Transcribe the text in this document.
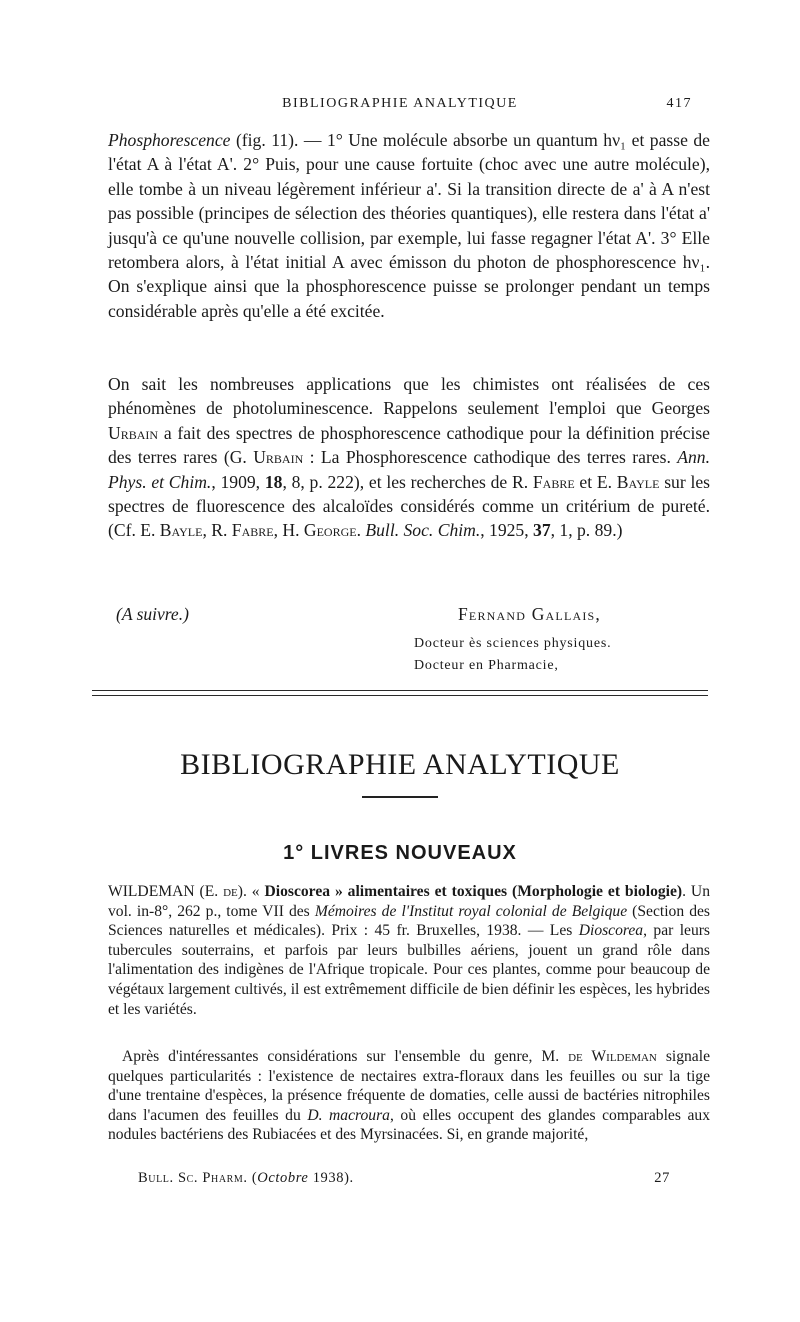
BIBLIOGRAPHIE ANALYTIQUE	417

Phosphorescence (fig. 11). — 1° Une molécule absorbe un quantum hν₁ et passe de l'état A à l'état A'. 2° Puis, pour une cause fortuite (choc avec une autre molécule), elle tombe à un niveau légèrement inférieur a'. Si la transition directe de a' à A n'est pas possible (principes de sélection des théories quantiques), elle restera dans l'état a' jusqu'à ce qu'une nouvelle collision, par exemple, lui fasse regagner l'état A'. 3° Elle retombera alors, à l'état initial A avec émisson du photon de phosphorescence hν₁. On s'explique ainsi que la phosphorescence puisse se prolonger pendant un temps considérable après qu'elle a été excitée.

On sait les nombreuses applications que les chimistes ont réalisées de ces phénomènes de photoluminescence. Rappelons seulement l'emploi que Georges Urbain a fait des spectres de phosphorescence cathodique pour la définition précise des terres rares (G. Urbain : La Phosphorescence cathodique des terres rares. Ann. Phys. et Chim., 1909, 18, 8, p. 222), et les recherches de R. Fabre et E. Bayle sur les spectres de fluorescence des alcaloïdes considérés comme un critérium de pureté. (Cf. E. Bayle, R. Fabre, H. George. Bull. Soc. Chim., 1925, 37, 1, p. 89.)

(A suivre.)	Fernand Gallais,
Docteur ès sciences physiques.
Docteur en Pharmacie,
BIBLIOGRAPHIE ANALYTIQUE
1° LIVRES NOUVEAUX

WILDEMAN (E. de). « Dioscorea » alimentaires et toxiques (Morphologie et biologie). Un vol. in-8°, 262 p., tome VII des Mémoires de l'Institut royal colonial de Belgique (Section des Sciences naturelles et médicales). Prix : 45 fr. Bruxelles, 1938. — Les Dioscorea, par leurs tubercules souterrains, et parfois par leurs bulbilles aériens, jouent un grand rôle dans l'alimentation des indigènes de l'Afrique tropicale. Pour ces plantes, comme pour beaucoup de végétaux largement cultivés, il est extrêmement difficile de bien définir les espèces, les hybrides et les variétés.

Après d'intéressantes considérations sur l'ensemble du genre, M. de Wildeman signale quelques particularités : l'existence de nectaires extra-floraux dans les feuilles ou sur la tige d'une trentaine d'espèces, la présence fréquente de domaties, celle aussi de bactéries nitrophiles dans l'acumen des feuilles du D. macroura, où elles occupent des glandes comparables aux nodules bactériens des Rubiacées et des Myrsinacées. Si, en grande majorité,

Bull. Sc. Pharm. (Octobre 1938).	27
